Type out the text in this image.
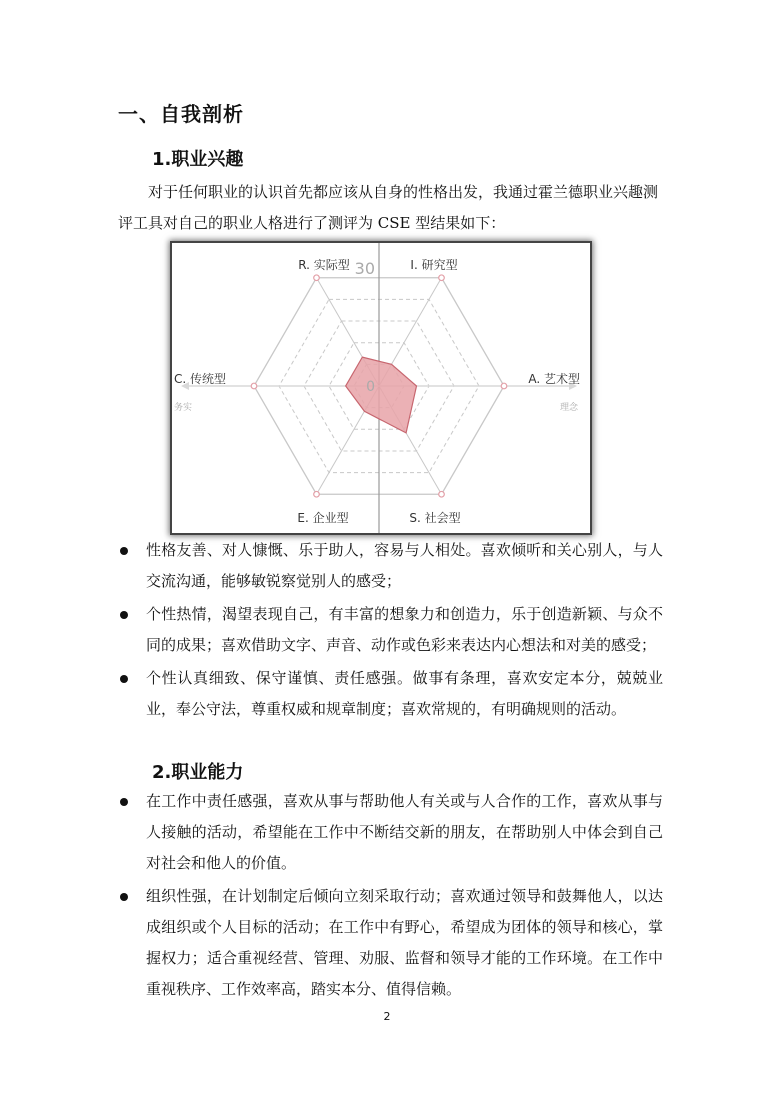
一、自我剖析
1.职业兴趣

对于任何职业的认识首先都应该从自身的性格出发，我通过霍兰德职业兴趣测评工具对自己的职业人格进行了测评为 CSE 型结果如下：

R. 实际型	I. 研究型
A. 艺术型
S. 社会型
E. 企业型
C. 传统型
30
0
务实	理念
性格友善、对人慷慨、乐于助人，容易与人相处。喜欢倾听和关心别人，与人交流沟通，能够敏锐察觉别人的感受；
个性热情，渴望表现自己，有丰富的想象力和创造力，乐于创造新颖、与众不同的成果；喜欢借助文字、声音、动作或色彩来表达内心想法和对美的感受；
个性认真细致、保守谨慎、责任感强。做事有条理，喜欢安定本分，兢兢业业，奉公守法，尊重权威和规章制度；喜欢常规的，有明确规则的活动。
2.职业能力
在工作中责任感强，喜欢从事与帮助他人有关或与人合作的工作，喜欢从事与人接触的活动，希望能在工作中不断结交新的朋友，在帮助别人中体会到自己对社会和他人的价值。
组织性强，在计划制定后倾向立刻采取行动；喜欢通过领导和鼓舞他人，以达成组织或个人目标的活动；在工作中有野心，希望成为团体的领导和核心，掌握权力；适合重视经营、管理、劝服、监督和领导才能的工作环境。在工作中重视秩序、工作效率高，踏实本分、值得信赖。
2
